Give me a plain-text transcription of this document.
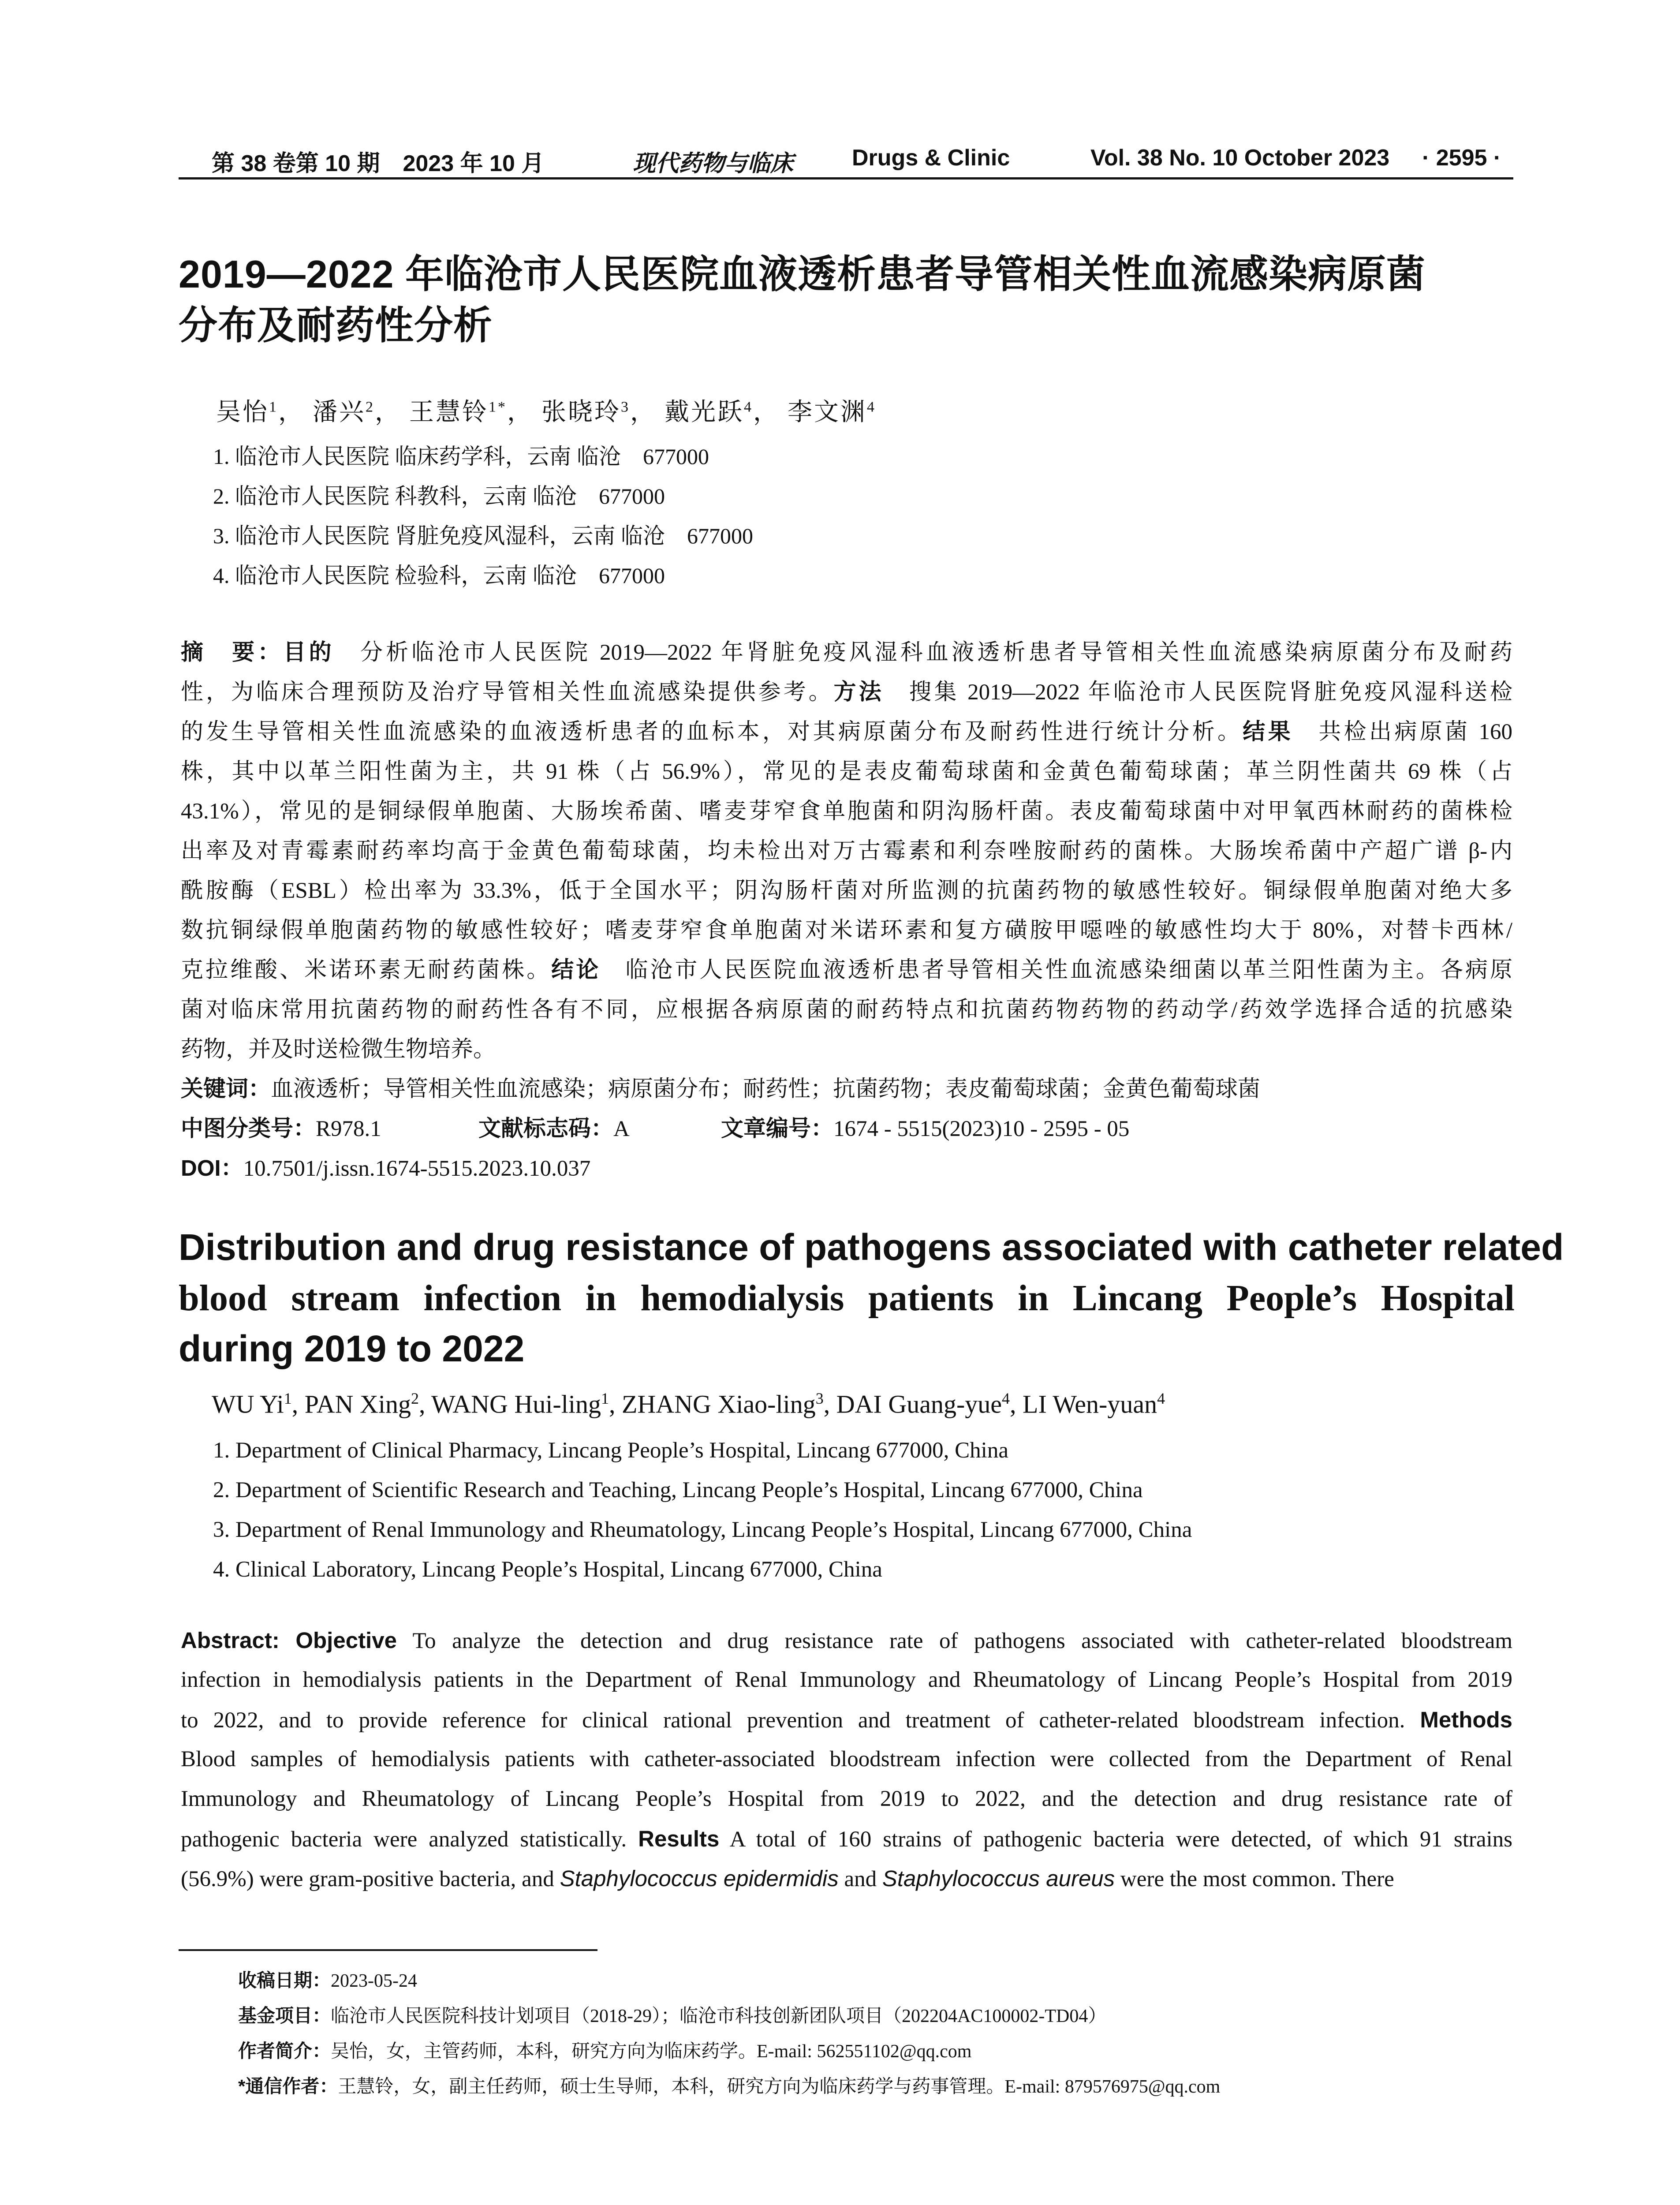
第 38 卷第 10 期　2023 年 10 月	现代药物与临床	Drugs & Clinic	Vol. 38 No. 10 October 2023 · 2595 ·
2019—2022 年临沧市人民医院血液透析患者导管相关性血流感染病原菌
分布及耐药性分析
吴怡$^1$， 潘兴$^2$， 王慧铃$^{1*}$， 张晓玲$^3$， 戴光跃$^4$， 李文渊$^4$
1. 临沧市人民医院 临床药学科，云南 临沧　677000
2. 临沧市人民医院 科教科，云南 临沧　677000
3. 临沧市人民医院 肾脏免疫风湿科，云南 临沧　677000
4. 临沧市人民医院 检验科，云南 临沧　677000
摘　要：目的　 分析临沧市人民医院 2019—2022 年肾脏免疫风湿科血液透析患者导管相关性血流感染病原菌分布及耐药
性，为临床合理预防及治疗导管相关性血流感染提供参考。方法　 搜集 2019—2022 年临沧市人民医院肾脏免疫风湿科送检
的发生导管相关性血流感染的血液透析患者的血标本，对其病原菌分布及耐药性进行统计分析。结果　 共检出病原菌 160
株，其中以革兰阳性菌为主，共 91 株（占 56.9%），常见的是表皮葡萄球菌和金黄色葡萄球菌；革兰阴性菌共 69 株（占
43.1%），常见的是铜绿假单胞菌、大肠埃希菌、嗜麦芽窄食单胞菌和阴沟肠杆菌。表皮葡萄球菌中对甲氧西林耐药的菌株检
出率及对青霉素耐药率均高于金黄色葡萄球菌，均未检出对万古霉素和利奈唑胺耐药的菌株。大肠埃希菌中产超广谱 β-内
酰胺酶（ESBL）检出率为 33.3%，低于全国水平；阴沟肠杆菌对所监测的抗菌药物的敏感性较好。铜绿假单胞菌对绝大多
数抗铜绿假单胞菌药物的敏感性较好；嗜麦芽窄食单胞菌对米诺环素和复方磺胺甲噁唑的敏感性均大于 80%，对替卡西林/
克拉维酸、米诺环素无耐药菌株。结论　 临沧市人民医院血液透析患者导管相关性血流感染细菌以革兰阳性菌为主。各病原
菌对临床常用抗菌药物的耐药性各有不同，应根据各病原菌的耐药特点和抗菌药物药物的药动学/药效学选择合适的抗感染
药物，并及时送检微生物培养。
关键词：血液透析；导管相关性血流感染；病原菌分布；耐药性；抗菌药物；表皮葡萄球菌；金黄色葡萄球菌
中图分类号：R978.1	文献标志码：A	文章编号：1674 - 5515(2023)10 - 2595 - 05
DOI：10.7501/j.issn.1674-5515.2023.10.037
Distribution and drug resistance of pathogens associated with catheter related
blood stream infection in hemodialysis patients in Lincang People’s Hospital
during 2019 to 2022
WU Yi$^1$, PAN Xing$^2$, WANG Hui-ling$^1$, ZHANG Xiao-ling$^3$, DAI Guang-yue$^4$, LI Wen-yuan$^4$
1. Department of Clinical Pharmacy, Lincang People’s Hospital, Lincang 677000, China
2. Department of Scientific Research and Teaching, Lincang People’s Hospital, Lincang 677000, China
3. Department of Renal Immunology and Rheumatology, Lincang People’s Hospital, Lincang 677000, China
4. Clinical Laboratory, Lincang People’s Hospital, Lincang 677000, China
Abstract: Objective To analyze the detection and drug resistance rate of pathogens associated with catheter-related bloodstream
infection in hemodialysis patients in the Department of Renal Immunology and Rheumatology of Lincang People’s Hospital from 2019
to 2022, and to provide reference for clinical rational prevention and treatment of catheter-related bloodstream infection. Methods
Blood samples of hemodialysis patients with catheter-associated bloodstream infection were collected from the Department of Renal
Immunology and Rheumatology of Lincang People’s Hospital from 2019 to 2022, and the detection and drug resistance rate of
pathogenic bacteria were analyzed statistically. Results A total of 160 strains of pathogenic bacteria were detected, of which 91 strains
(56.9%) were gram-positive bacteria, and Staphylococcus epidermidis and Staphylococcus aureus were the most common. There
收稿日期：2023-05-24
基金项目：临沧市人民医院科技计划项目（2018-29）；临沧市科技创新团队项目（202204AC100002-TD04）
作者简介：吴怡，女，主管药师，本科，研究方向为临床药学。E-mail: 562551102@qq.com
*通信作者：王慧铃，女，副主任药师，硕士生导师，本科，研究方向为临床药学与药事管理。E-mail: 879576975@qq.com
